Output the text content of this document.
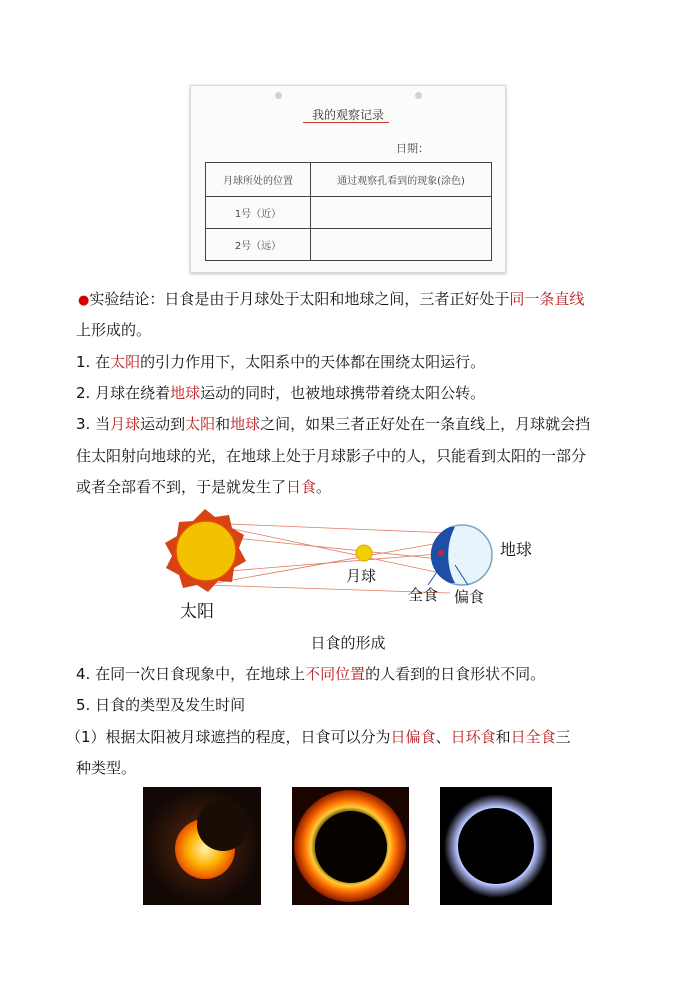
我的观察记录
日期：
月球所处的位置	通过观察孔看到的现象(涂色)
1号（近）	
2号（远）	
●实验结论：日食是由于月球处于太阳和地球之间，三者正好处于同一条直线
上形成的。
1. 在太阳的引力作用下，太阳系中的天体都在围绕太阳运行。
2. 月球在绕着地球运动的同时，也被地球携带着绕太阳公转。
3. 当月球运动到太阳和地球之间，如果三者正好处在一条直线上，月球就会挡
住太阳射向地球的光，在地球上处于月球影子中的人，只能看到太阳的一部分
或者全部看不到，于是就发生了日食。
太阳
月球
地球
全食 偏食
日食的形成
4. 在同一次日食现象中，在地球上不同位置的人看到的日食形状不同。
5. 日食的类型及发生时间
（1）根据太阳被月球遮挡的程度，日食可以分为日偏食、日环食和日全食三
种类型。
